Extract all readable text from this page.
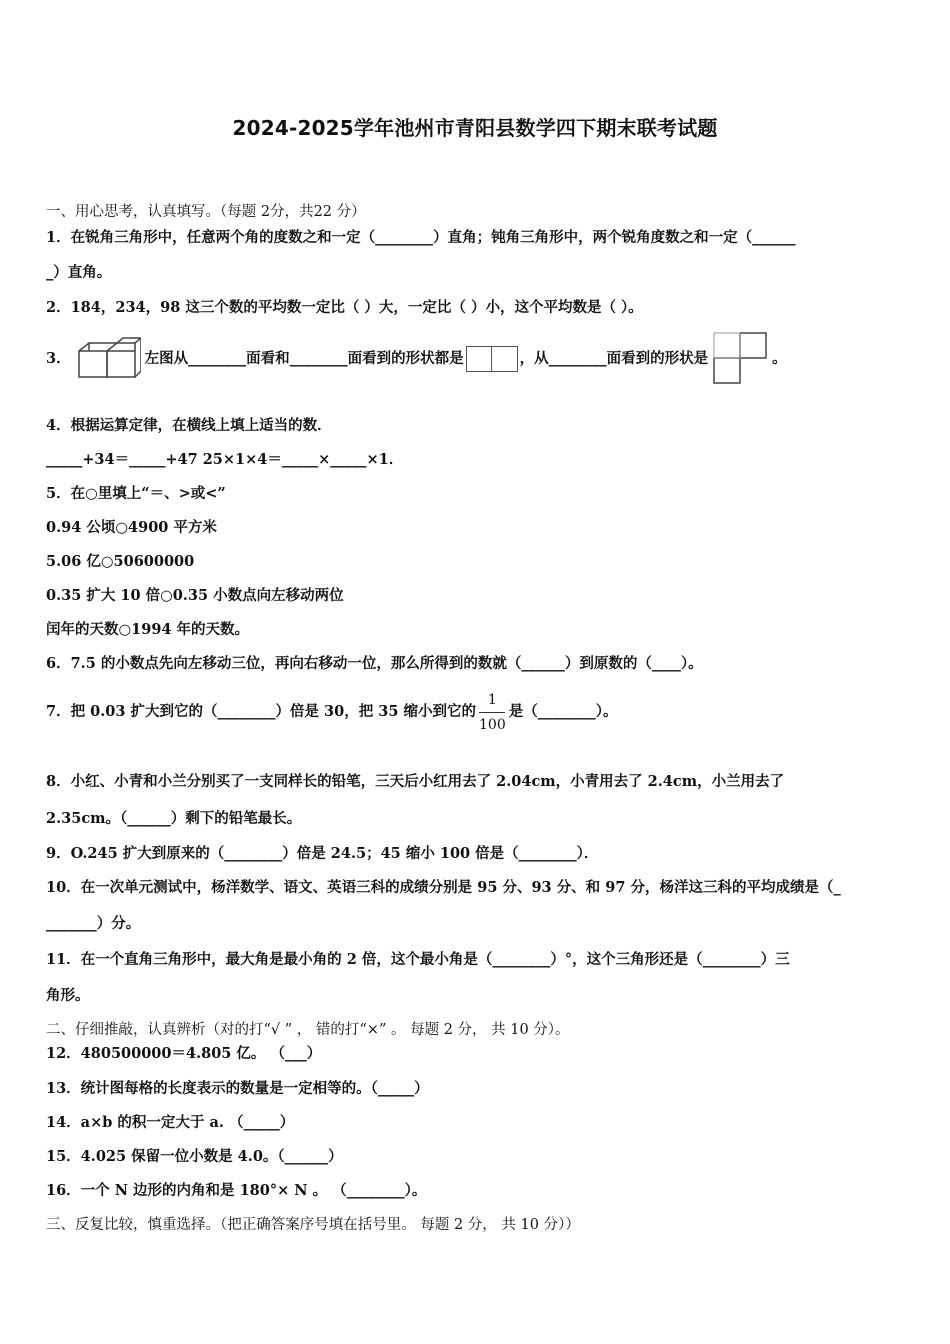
2024-2025学年池州市青阳县数学四下期末联考试题
一、用心思考，认真填写。（每题 2分，共22 分）
1．在锐角三角形中，任意两个角的度数之和一定（________）直角；钝角三角形中，两个锐角度数之和一定（______
_）直角。
2．184，234，98 这三个数的平均数一定比（ ）大，一定比（ ）小，这个平均数是（ ）。
3．	左图从________面看和________面看到的形状都是	，从________面看到的形状是	。
4．根据运算定律，在横线上填上适当的数．
_____+34＝_____+47 25×1×4＝_____×_____×1．
5．在○里填上“＝、>或<”
0.94 公顷○4900 平方米
5.06 亿○50600000
0.35 扩大 10 倍○0.35 小数点向左移动两位
闰年的天数○1994 年的天数。
6．7.5 的小数点先向左移动三位，再向右移动一位，那么所得到的数就（______）到原数的（____）。
7．把 0.03 扩大到它的（________）倍是 30，把 35 缩小到它的 $\frac{1}{100}$ 是（________）。
8．小红、小青和小兰分别买了一支同样长的铅笔，三天后小红用去了 2.04cm，小青用去了 2.4cm，小兰用去了
2.35cm。（______）剩下的铅笔最长。
9．O.245 扩大到原来的（________）倍是 24.5；45 缩小 100 倍是（________）．
10．在一次单元测试中，杨洋数学、语文、英语三科的成绩分别是 95 分、93 分、和 97 分，杨洋这三科的平均成绩是（_
_______）分。
11．在一个直角三角形中，最大角是最小角的 2 倍，这个最小角是（________）°，这个三角形还是（________）三
角形。
二、仔细推敲，认真辨析（对的打“√ ” ， 错的打“×” 。 每题 2 分， 共 10 分）。
12．480500000＝4.805 亿。 （___）
13．统计图每格的长度表示的数量是一定相等的。（_____）
14．a×b 的积一定大于 a. （_____）
15．4.025 保留一位小数是 4.0。（______）
16．一个 N 边形的内角和是 180°× N 。 （________）。
三、反复比较，慎重选择。（把正确答案序号填在括号里。 每题 2 分， 共 10 分））
